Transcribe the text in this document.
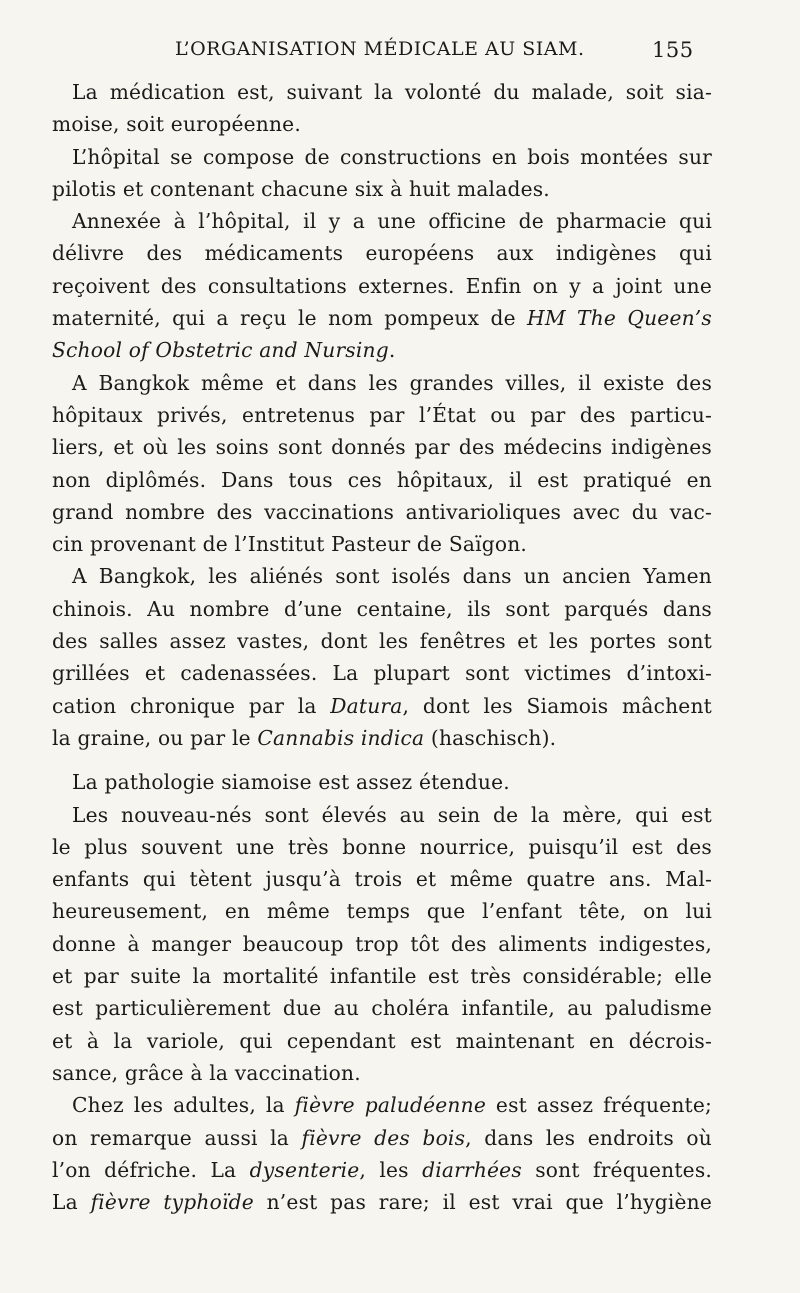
L’ORGANISATION MÉDICALE AU SIAM.	155
La médication est, suivant la volonté du malade, soit sia-
moise, soit européenne.
L’hôpital se compose de constructions en bois montées sur
pilotis et contenant chacune six à huit malades.
Annexée à l’hôpital, il y a une officine de pharmacie qui
délivre des médicaments européens aux indigènes qui
reçoivent des consultations externes. Enfin on y a joint une
maternité, qui a reçu le nom pompeux de HM The Queen’s
School of Obstetric and Nursing.
A Bangkok même et dans les grandes villes, il existe des
hôpitaux privés, entretenus par l’État ou par des particu-
liers, et où les soins sont donnés par des médecins indigènes
non diplômés. Dans tous ces hôpitaux, il est pratiqué en
grand nombre des vaccinations antivarioliques avec du vac-
cin provenant de l’Institut Pasteur de Saïgon.
A Bangkok, les aliénés sont isolés dans un ancien Yamen
chinois. Au nombre d’une centaine, ils sont parqués dans
des salles assez vastes, dont les fenêtres et les portes sont
grillées et cadenassées. La plupart sont victimes d’intoxi-
cation chronique par la Datura, dont les Siamois mâchent
la graine, ou par le Cannabis indica (haschisch).
La pathologie siamoise est assez étendue.
Les nouveau-nés sont élevés au sein de la mère, qui est
le plus souvent une très bonne nourrice, puisqu’il est des
enfants qui tètent jusqu’à trois et même quatre ans. Mal-
heureusement, en même temps que l’enfant tête, on lui
donne à manger beaucoup trop tôt des aliments indigestes,
et par suite la mortalité infantile est très considérable; elle
est particulièrement due au choléra infantile, au paludisme
et à la variole, qui cependant est maintenant en décrois-
sance, grâce à la vaccination.
Chez les adultes, la fièvre paludéenne est assez fréquente;
on remarque aussi la fièvre des bois, dans les endroits où
l’on défriche. La dysenterie, les diarrhées sont fréquentes.
La fièvre typhoïde n’est pas rare; il est vrai que l’hygiène
